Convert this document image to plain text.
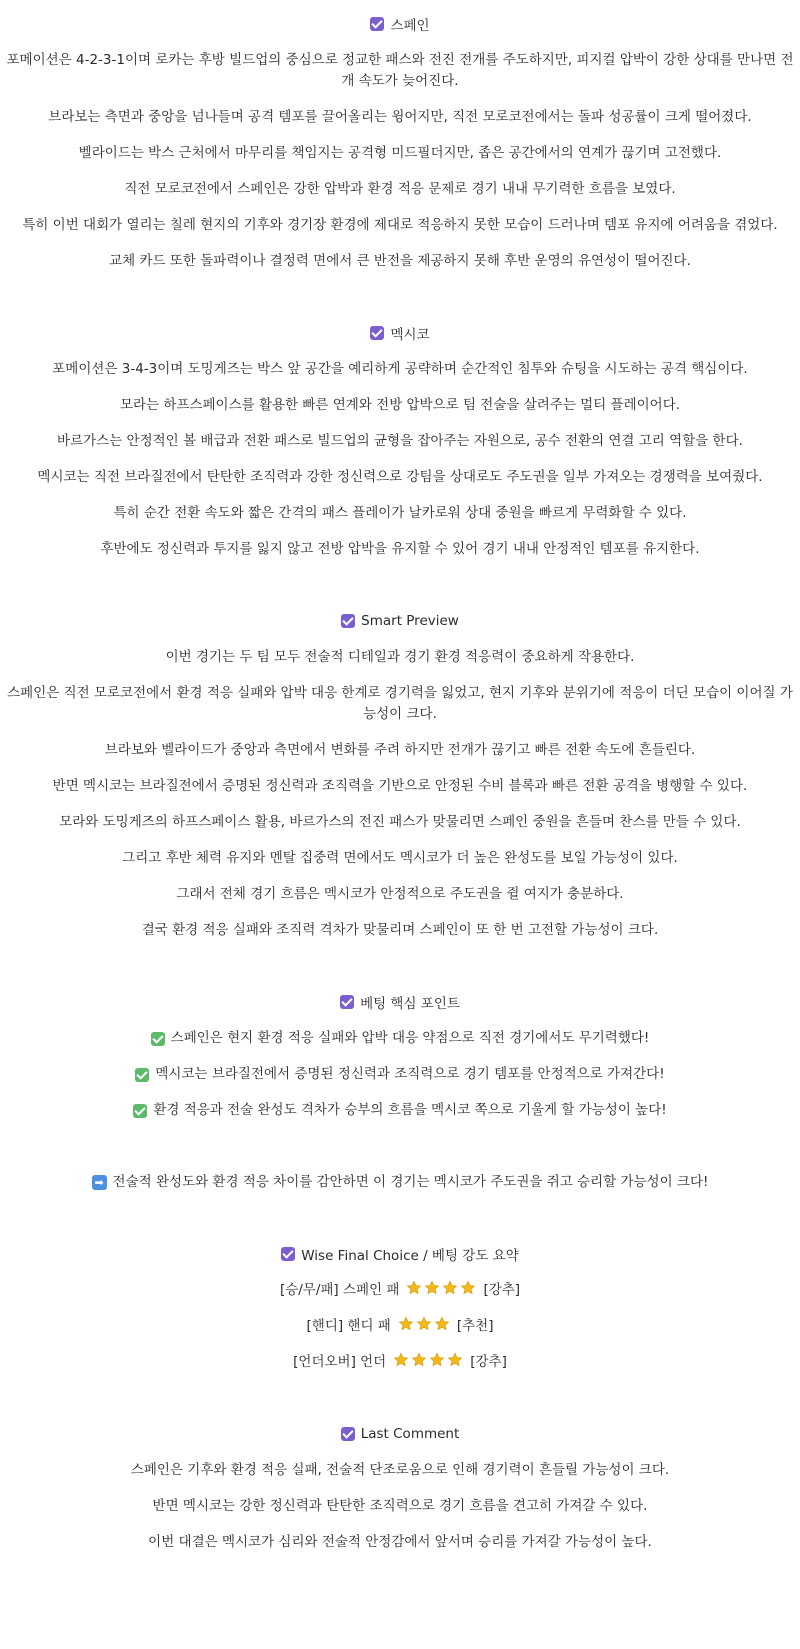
스페인
포메이션은 4-2-3-1이며 로카는 후방 빌드업의 중심으로 정교한 패스와 전진 전개를 주도하지만, 피지컬 압박이 강한 상대를 만나면 전개 속도가 늦어진다.
브라보는 측면과 중앙을 넘나들며 공격 템포를 끌어올리는 윙어지만, 직전 모로코전에서는 돌파 성공률이 크게 떨어졌다.
벨라이드는 박스 근처에서 마무리를 책임지는 공격형 미드필더지만, 좁은 공간에서의 연계가 끊기며 고전했다.
직전 모로코전에서 스페인은 강한 압박과 환경 적응 문제로 경기 내내 무기력한 흐름을 보였다.
특히 이번 대회가 열리는 칠레 현지의 기후와 경기장 환경에 제대로 적응하지 못한 모습이 드러나며 템포 유지에 어려움을 겪었다.
교체 카드 또한 돌파력이나 결정력 면에서 큰 반전을 제공하지 못해 후반 운영의 유연성이 떨어진다.
멕시코
포메이션은 3-4-3이며 도밍게즈는 박스 앞 공간을 예리하게 공략하며 순간적인 침투와 슈팅을 시도하는 공격 핵심이다.
모라는 하프스페이스를 활용한 빠른 연계와 전방 압박으로 팀 전술을 살려주는 멀티 플레이어다.
바르가스는 안정적인 볼 배급과 전환 패스로 빌드업의 균형을 잡아주는 자원으로, 공수 전환의 연결 고리 역할을 한다.
멕시코는 직전 브라질전에서 탄탄한 조직력과 강한 정신력으로 강팀을 상대로도 주도권을 일부 가져오는 경쟁력을 보여줬다.
특히 순간 전환 속도와 짧은 간격의 패스 플레이가 날카로워 상대 중원을 빠르게 무력화할 수 있다.
후반에도 정신력과 투지를 잃지 않고 전방 압박을 유지할 수 있어 경기 내내 안정적인 템포를 유지한다.
Smart Preview
이번 경기는 두 팀 모두 전술적 디테일과 경기 환경 적응력이 중요하게 작용한다.
스페인은 직전 모로코전에서 환경 적응 실패와 압박 대응 한계로 경기력을 잃었고, 현지 기후와 분위기에 적응이 더딘 모습이 이어질 가능성이 크다.
브라보와 벨라이드가 중앙과 측면에서 변화를 주려 하지만 전개가 끊기고 빠른 전환 속도에 흔들린다.
반면 멕시코는 브라질전에서 증명된 정신력과 조직력을 기반으로 안정된 수비 블록과 빠른 전환 공격을 병행할 수 있다.
모라와 도밍게즈의 하프스페이스 활용, 바르가스의 전진 패스가 맞물리면 스페인 중원을 흔들며 찬스를 만들 수 있다.
그리고 후반 체력 유지와 멘탈 집중력 면에서도 멕시코가 더 높은 완성도를 보일 가능성이 있다.
그래서 전체 경기 흐름은 멕시코가 안정적으로 주도권을 쥘 여지가 충분하다.
결국 환경 적응 실패와 조직력 격차가 맞물리며 스페인이 또 한 번 고전할 가능성이 크다.
베팅 핵심 포인트
스페인은 현지 환경 적응 실패와 압박 대응 약점으로 직전 경기에서도 무기력했다!
멕시코는 브라질전에서 증명된 정신력과 조직력으로 경기 템포를 안정적으로 가져간다!
환경 적응과 전술 완성도 격차가 승부의 흐름을 멕시코 쪽으로 기울게 할 가능성이 높다!
➡ 전술적 완성도와 환경 적응 차이를 감안하면 이 경기는 멕시코가 주도권을 쥐고 승리할 가능성이 크다!
Wise Final Choice / 베팅 강도 요약
[승/무/패] 스페인 패	[강추]
[핸디] 핸디 패	[추천]
[언더오버] 언더	[강추]
Last Comment
스페인은 기후와 환경 적응 실패, 전술적 단조로움으로 인해 경기력이 흔들릴 가능성이 크다.
반면 멕시코는 강한 정신력과 탄탄한 조직력으로 경기 흐름을 견고히 가져갈 수 있다.
이번 대결은 멕시코가 심리와 전술적 안정감에서 앞서며 승리를 가져갈 가능성이 높다.
